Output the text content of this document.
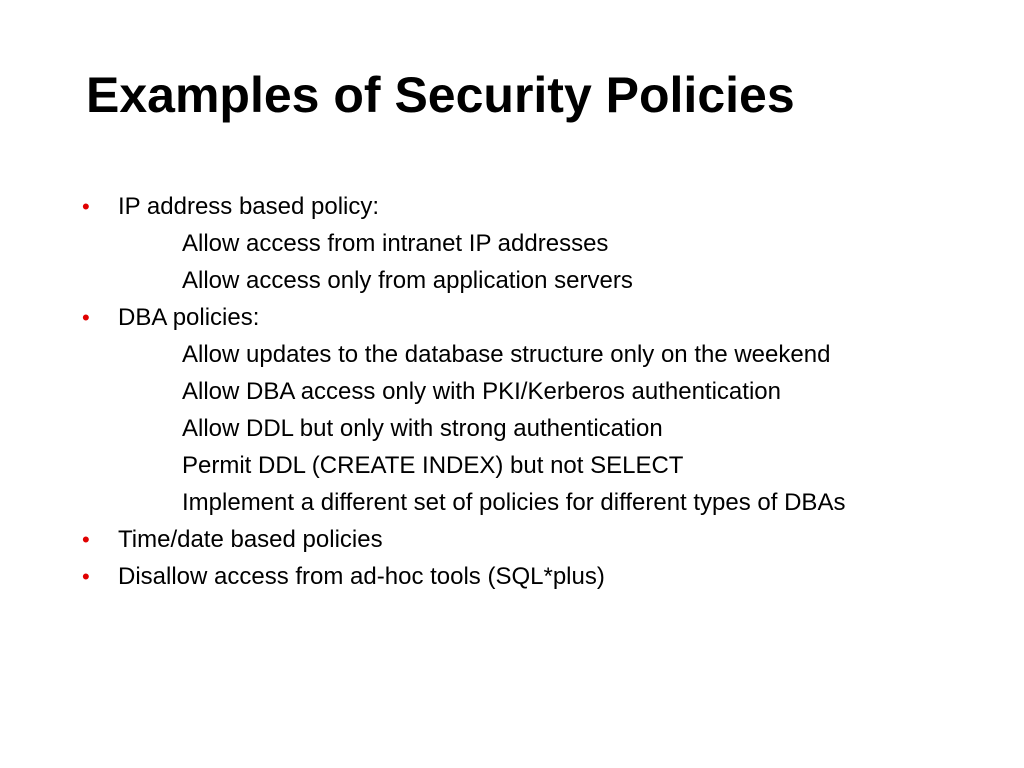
Examples of Security Policies
• IP address based policy:
Allow access from intranet IP addresses
Allow access only from application servers
• DBA policies:
Allow updates to the database structure only on the weekend
Allow DBA access only with PKI/Kerberos authentication
Allow DDL but only with strong authentication
Permit DDL (CREATE INDEX) but not SELECT
Implement a different set of policies for different types of DBAs
• Time/date based policies
• Disallow access from ad-hoc tools (SQL*plus)
